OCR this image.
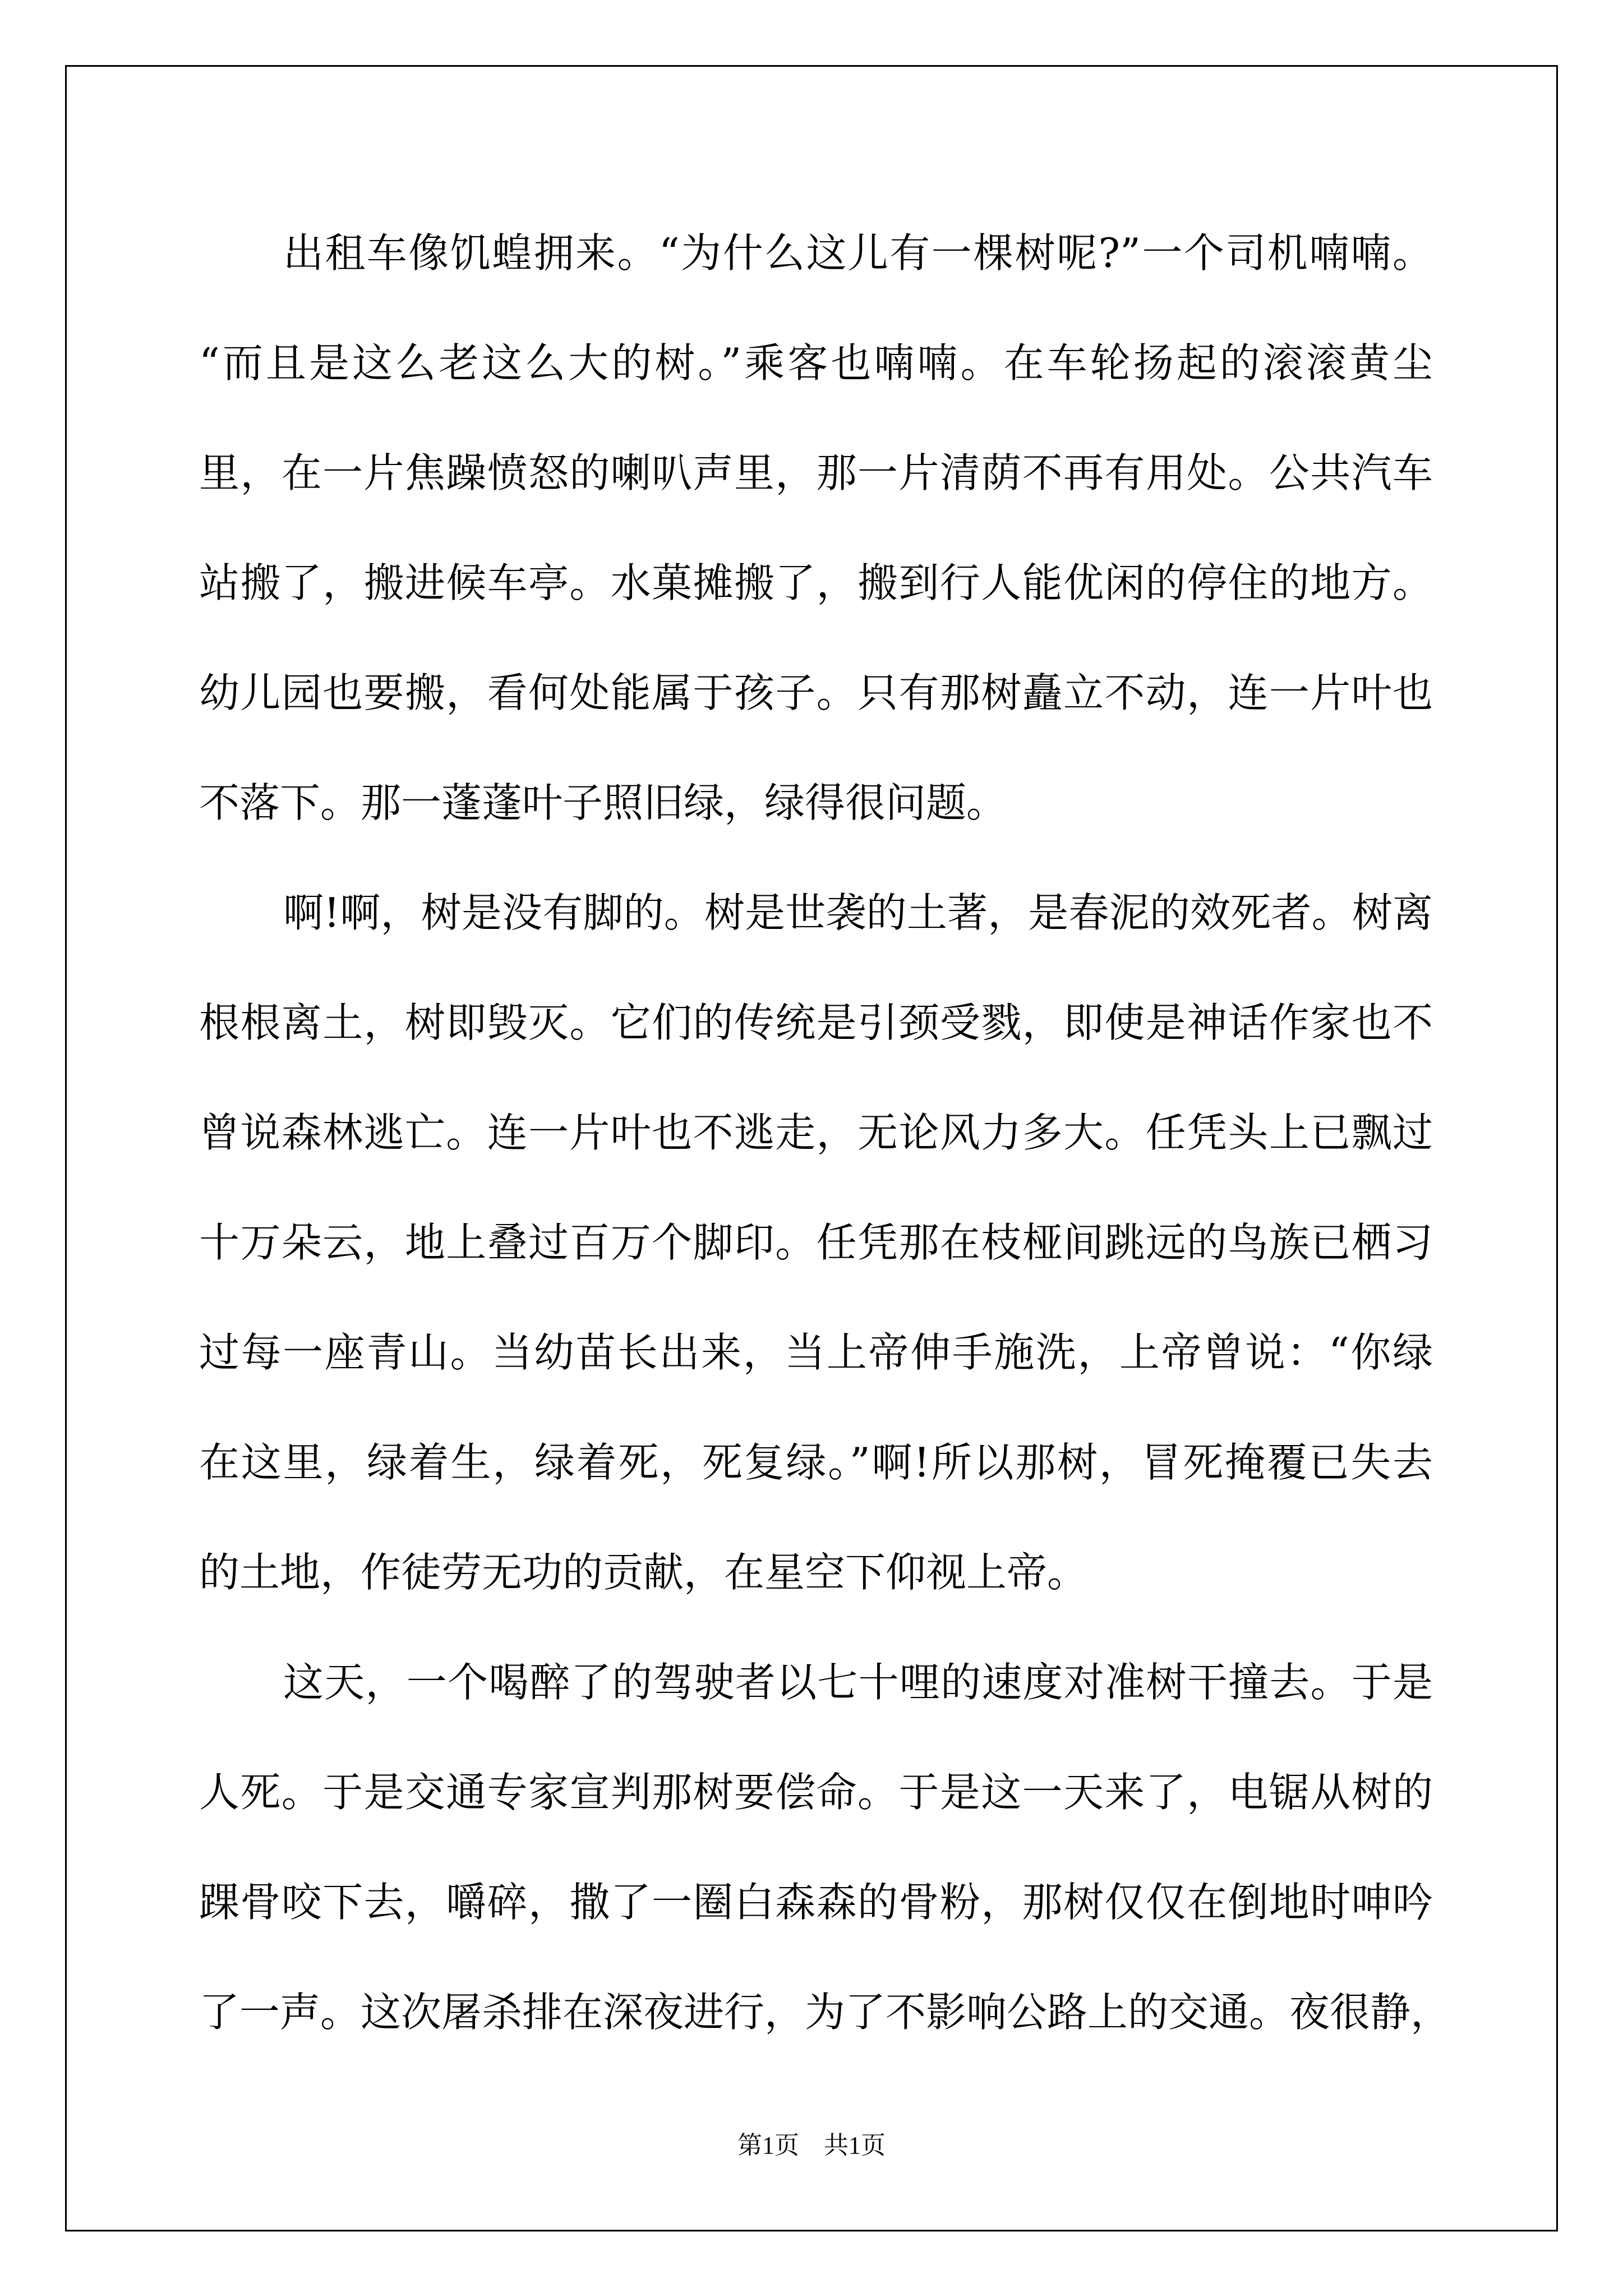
出租车像饥蝗拥来。“为什么这儿有一棵树呢?”一个司机喃喃。
“而且是这么老这么大的树。”乘客也喃喃。在车轮扬起的滚滚黄尘
里，在一片焦躁愤怒的喇叭声里，那一片清荫不再有用处。公共汽车
站搬了，搬进候车亭。水菓摊搬了，搬到行人能优闲的停住的地方。
幼儿园也要搬，看何处能属于孩子。只有那树矗立不动，连一片叶也
不落下。那一蓬蓬叶子照旧绿，绿得很问题。
啊!啊，树是没有脚的。树是世袭的土著，是春泥的效死者。树离
根根离土，树即毁灭。它们的传统是引颈受戮，即使是神话作家也不
曾说森林逃亡。连一片叶也不逃走，无论风力多大。任凭头上已飘过
十万朵云，地上叠过百万个脚印。任凭那在枝桠间跳远的鸟族已栖习
过每一座青山。当幼苗长出来，当上帝伸手施洗，上帝曾说：“你绿
在这里，绿着生，绿着死，死复绿。”啊!所以那树，冒死掩覆已失去
的土地，作徒劳无功的贡献，在星空下仰视上帝。
这天，一个喝醉了的驾驶者以七十哩的速度对准树干撞去。于是
人死。于是交通专家宣判那树要偿命。于是这一天来了，电锯从树的
踝骨咬下去，嚼碎，撒了一圈白森森的骨粉，那树仅仅在倒地时呻吟
了一声。这次屠杀排在深夜进行，为了不影响公路上的交通。夜很静，
第1页　共1页
